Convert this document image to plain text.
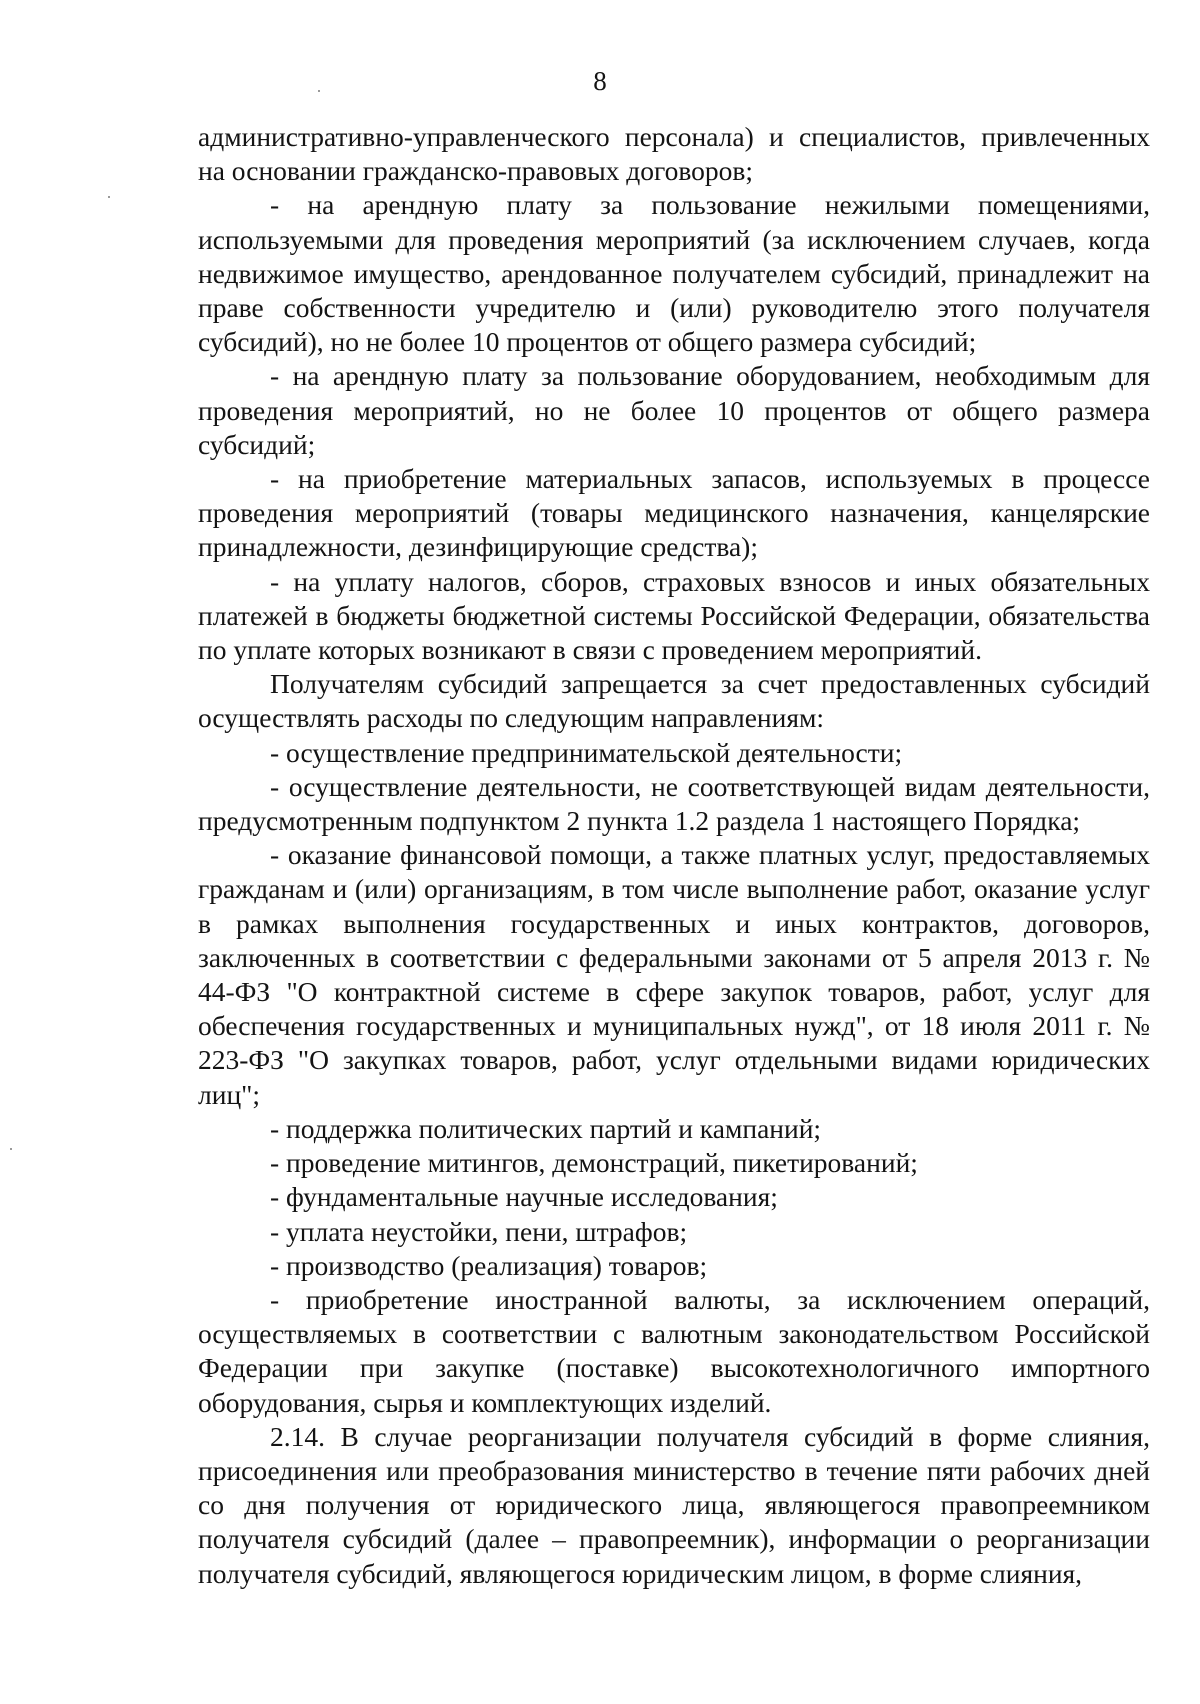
8

административно-управленческого персонала) и специалистов, привлеченных на основании гражданско-правовых договоров;

- на арендную плату за пользование нежилыми помещениями, используемыми для проведения мероприятий (за исключением случаев, когда недвижимое имущество, арендованное получателем субсидий, принадлежит на праве собственности учредителю и (или) руководителю этого получателя субсидий), но не более 10 процентов от общего размера субсидий;

- на арендную плату за пользование оборудованием, необходимым для проведения мероприятий, но не более 10 процентов от общего размера субсидий;

- на приобретение материальных запасов, используемых в процессе проведения мероприятий (товары медицинского назначения, канцелярские принадлежности, дезинфицирующие средства);

- на уплату налогов, сборов, страховых взносов и иных обязательных платежей в бюджеты бюджетной системы Российской Федерации, обязательства по уплате которых возникают в связи с проведением мероприятий.

Получателям субсидий запрещается за счет предоставленных субсидий осуществлять расходы по следующим направлениям:

- осуществление предпринимательской деятельности;

- осуществление деятельности, не соответствующей видам деятельности, предусмотренным подпунктом 2 пункта 1.2 раздела 1 настоящего Порядка;

- оказание финансовой помощи, а также платных услуг, предоставляемых гражданам и (или) организациям, в том числе выполнение работ, оказание услуг в рамках выполнения государственных и иных контрактов, договоров, заключенных в соответствии с федеральными законами от 5 апреля 2013 г. № 44-ФЗ "О контрактной системе в сфере закупок товаров, работ, услуг для обеспечения государственных и муниципальных нужд", от 18 июля 2011 г. № 223-ФЗ "О закупках товаров, работ, услуг отдельными видами юридических лиц";

- поддержка политических партий и кампаний;

- проведение митингов, демонстраций, пикетирований;

- фундаментальные научные исследования;

- уплата неустойки, пени, штрафов;

- производство (реализация) товаров;

- приобретение иностранной валюты, за исключением операций, осуществляемых в соответствии с валютным законодательством Российской Федерации при закупке (поставке) высокотехнологичного импортного оборудования, сырья и комплектующих изделий.

2.14. В случае реорганизации получателя субсидий в форме слияния, присоединения или преобразования министерство в течение пяти рабочих дней со дня получения от юридического лица, являющегося правопреемником получателя субсидий (далее – правопреемник), информации о реорганизации получателя субсидий, являющегося юридическим лицом, в форме слияния,
